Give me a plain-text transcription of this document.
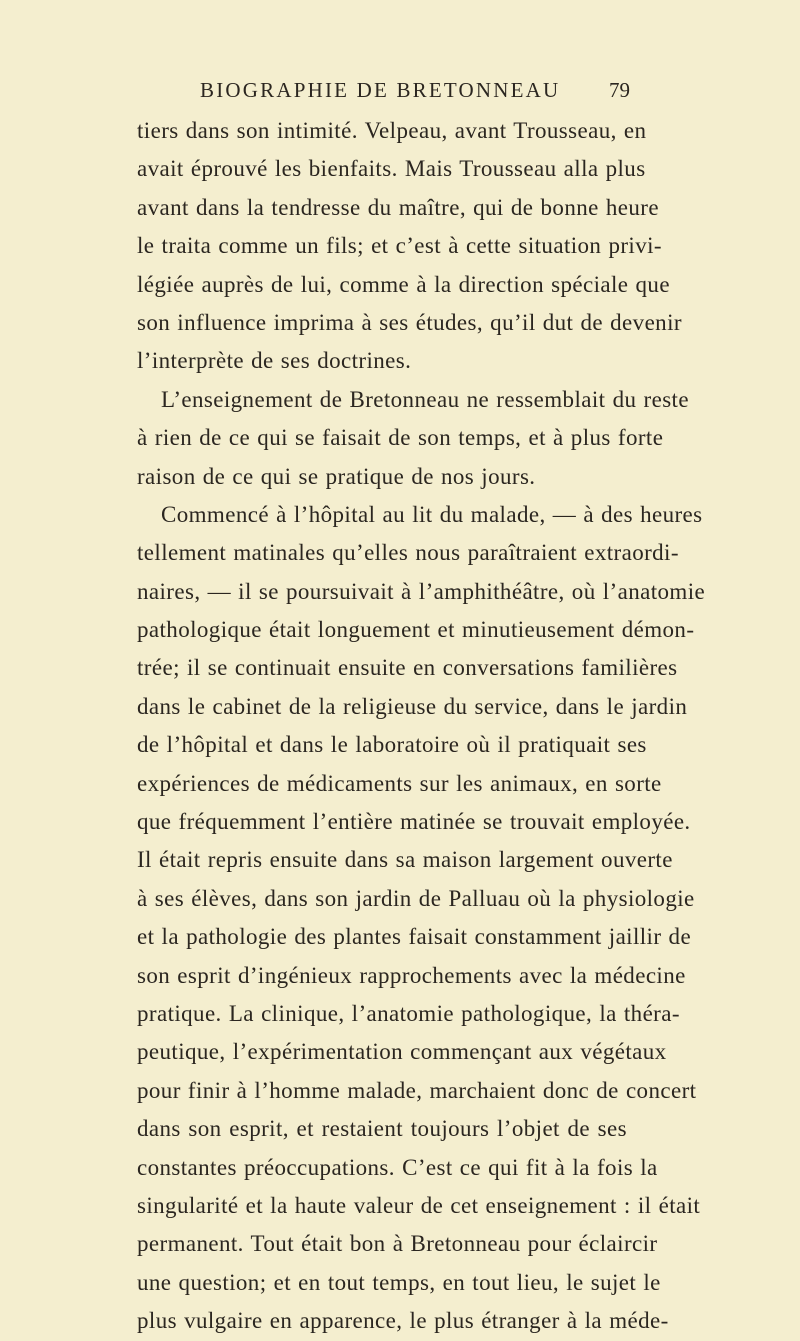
BIOGRAPHIE DE BRETONNEAU	79
tiers dans son intimité. Velpeau, avant Trousseau, en
avait éprouvé les bienfaits. Mais Trousseau alla plus
avant dans la tendresse du maître, qui de bonne heure
le traita comme un fils; et c’est à cette situation privi-
légiée auprès de lui, comme à la direction spéciale que
son influence imprima à ses études, qu’il dut de devenir
l’interprète de ses doctrines.
L’enseignement de Bretonneau ne ressemblait du reste
à rien de ce qui se faisait de son temps, et à plus forte
raison de ce qui se pratique de nos jours.
Commencé à l’hôpital au lit du malade, — à des heures
tellement matinales qu’elles nous paraîtraient extraordi-
naires, — il se poursuivait à l’amphithéâtre, où l’anatomie
pathologique était longuement et minutieusement démon-
trée; il se continuait ensuite en conversations familières
dans le cabinet de la religieuse du service, dans le jardin
de l’hôpital et dans le laboratoire où il pratiquait ses
expériences de médicaments sur les animaux, en sorte
que fréquemment l’entière matinée se trouvait employée.
Il était repris ensuite dans sa maison largement ouverte
à ses élèves, dans son jardin de Palluau où la physiologie
et la pathologie des plantes faisait constamment jaillir de
son esprit d’ingénieux rapprochements avec la médecine
pratique. La clinique, l’anatomie pathologique, la théra-
peutique, l’expérimentation commençant aux végétaux
pour finir à l’homme malade, marchaient donc de concert
dans son esprit, et restaient toujours l’objet de ses
constantes préoccupations. C’est ce qui fit à la fois la
singularité et la haute valeur de cet enseignement : il était
permanent. Tout était bon à Bretonneau pour éclaircir
une question; et en tout temps, en tout lieu, le sujet le
plus vulgaire en apparence, le plus étranger à la méde-
